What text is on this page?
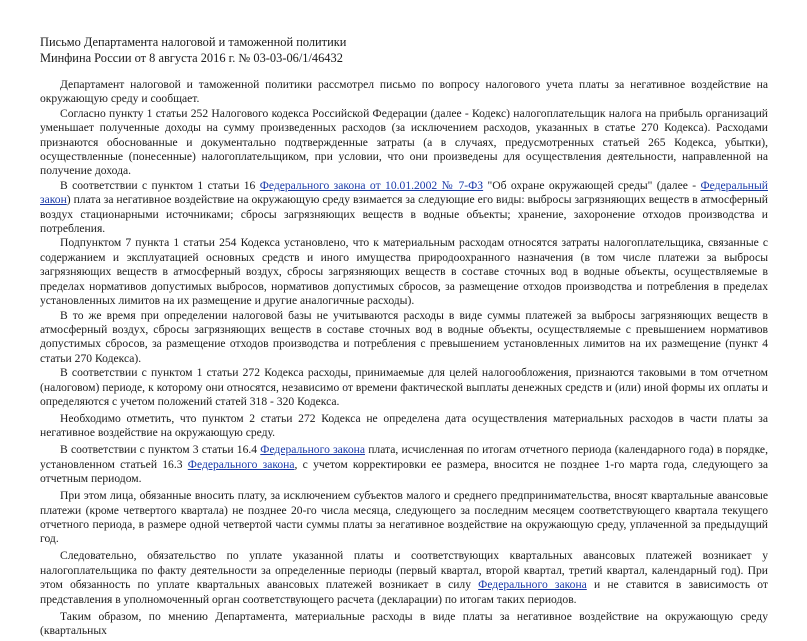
Письмо Департамента налоговой и таможенной политики
Минфина России от 8 августа 2016 г. № 03-03-06/1/46432

Департамент налоговой и таможенной политики рассмотрел письмо по вопросу налогового учета платы за негативное воздействие на окружающую среду и сообщает.

Согласно пункту 1 статьи 252 Налогового кодекса Российской Федерации (далее - Кодекс) налогоплательщик налога на прибыль организаций уменьшает полученные доходы на сумму произведенных расходов (за исключением расходов, указанных в статье 270 Кодекса). Расходами признаются обоснованные и документально подтвержденные затраты (а в случаях, предусмотренных статьей 265 Кодекса, убытки), осуществленные (понесенные) налогоплательщиком, при условии, что они произведены для осуществления деятельности, направленной на получение дохода.

В соответствии с пунктом 1 статьи 16 Федерального закона от 10.01.2002 № 7-ФЗ "Об охране окружающей среды" (далее - Федеральный закон) плата за негативное воздействие на окружающую среду взимается за следующие его виды: выбросы загрязняющих веществ в атмосферный воздух стационарными источниками; сбросы загрязняющих веществ в водные объекты; хранение, захоронение отходов производства и потребления.

Подпунктом 7 пункта 1 статьи 254 Кодекса установлено, что к материальным расходам относятся затраты налогоплательщика, связанные с содержанием и эксплуатацией основных средств и иного имущества природоохранного назначения (в том числе платежи за выбросы загрязняющих веществ в атмосферный воздух, сбросы загрязняющих веществ в составе сточных вод в водные объекты, осуществляемые в пределах нормативов допустимых выбросов, нормативов допустимых сбросов, за размещение отходов производства и потребления в пределах установленных лимитов на их размещение и другие аналогичные расходы).

В то же время при определении налоговой базы не учитываются расходы в виде суммы платежей за выбросы загрязняющих веществ в атмосферный воздух, сбросы загрязняющих веществ в составе сточных вод в водные объекты, осуществляемые с превышением нормативов допустимых сбросов, за размещение отходов производства и потребления с превышением установленных лимитов на их размещение (пункт 4 статьи 270 Кодекса).

В соответствии с пунктом 1 статьи 272 Кодекса расходы, принимаемые для целей налогообложения, признаются таковыми в том отчетном (налоговом) периоде, к которому они относятся, независимо от времени фактической выплаты денежных средств и (или) иной формы их оплаты и определяются с учетом положений статей 318 - 320 Кодекса.

Необходимо отметить, что пунктом 2 статьи 272 Кодекса не определена дата осуществления материальных расходов в части платы за негативное воздействие на окружающую среду.

В соответствии с пунктом 3 статьи 16.4 Федерального закона плата, исчисленная по итогам отчетного периода (календарного года) в порядке, установленном статьей 16.3 Федерального закона, с учетом корректировки ее размера, вносится не позднее 1-го марта года, следующего за отчетным периодом.

При этом лица, обязанные вносить плату, за исключением субъектов малого и среднего предпринимательства, вносят квартальные авансовые платежи (кроме четвертого квартала) не позднее 20-го числа месяца, следующего за последним месяцем соответствующего квартала текущего отчетного периода, в размере одной четвертой части суммы платы за негативное воздействие на окружающую среду, уплаченной за предыдущий год.

Следовательно, обязательство по уплате указанной платы и соответствующих квартальных авансовых платежей возникает у налогоплательщика по факту деятельности за определенные периоды (первый квартал, второй квартал, третий квартал, календарный год). При этом обязанность по уплате квартальных авансовых платежей возникает в силу Федерального закона и не ставится в зависимость от представления в уполномоченный орган соответствующего расчета (декларации) по итогам таких периодов.

Таким образом, по мнению Департамента, материальные расходы в виде платы за негативное воздействие на окружающую среду (квартальных
